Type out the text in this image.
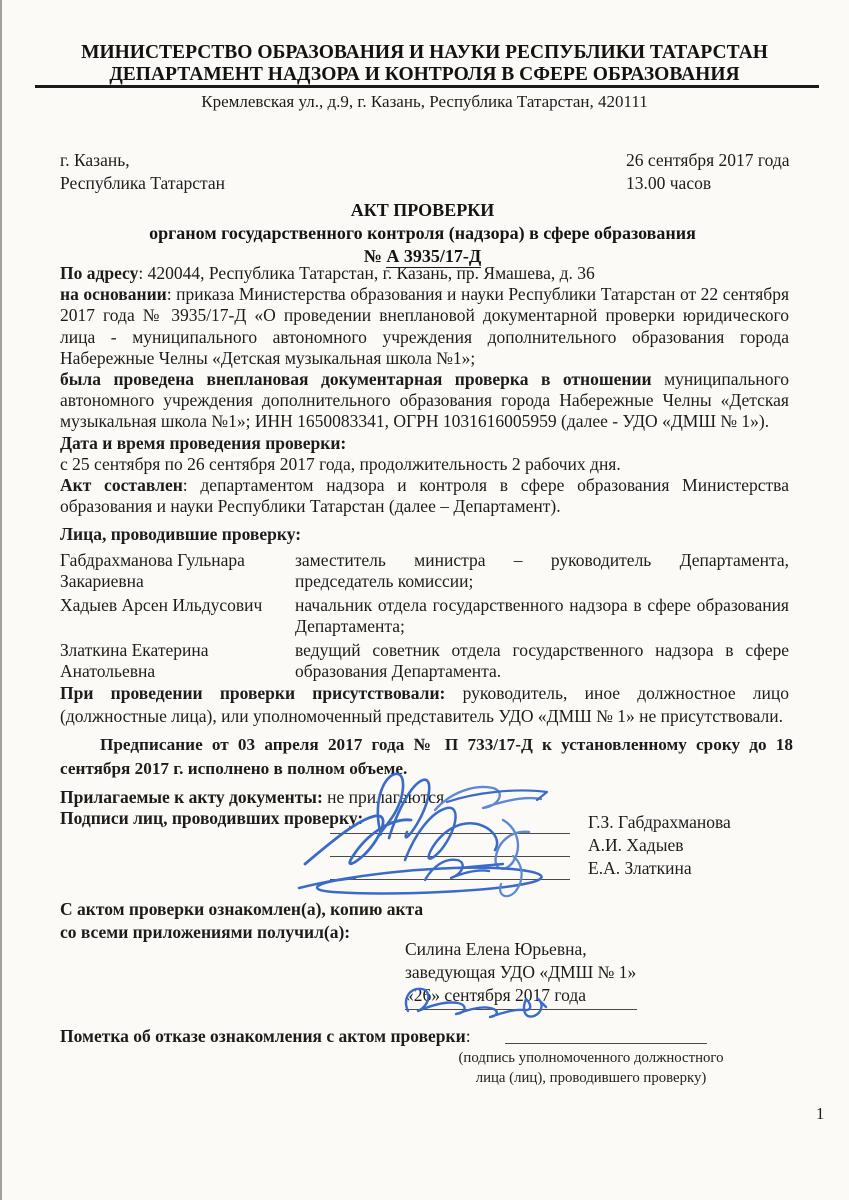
МИНИСТЕРСТВО ОБРАЗОВАНИЯ И НАУКИ РЕСПУБЛИКИ ТАТАРСТАН
ДЕПАРТАМЕНТ НАДЗОРА И КОНТРОЛЯ В СФЕРЕ ОБРАЗОВАНИЯ
Кремлевская ул., д.9, г. Казань, Республика Татарстан, 420111
г. Казань,
Республика Татарстан
26 сентября 2017 года
13.00 часов
АКТ ПРОВЕРКИ
органом государственного контроля (надзора) в сфере образования
№ А 3935/17-Д

По адресу: 420044, Республика Татарстан, г. Казань, пр. Ямашева, д. 36

на основании: приказа Министерства образования и науки Республики Татарстан от 22 сентября 2017 года № 3935/17-Д «О проведении внеплановой документарной проверки юридического лица - муниципального автономного учреждения дополнительного образования города Набережные Челны «Детская музыкальная школа №1»;

была проведена внеплановая документарная проверка в отношении муниципального автономного учреждения дополнительного образования города Набережные Челны «Детская музыкальная школа №1»; ИНН 1650083341, ОГРН 1031616005959 (далее - УДО «ДМШ № 1»).

Дата и время проведения проверки:

с 25 сентября по 26 сентября 2017 года, продолжительность 2 рабочих дня.

Акт составлен: департаментом надзора и контроля в сфере образования Министерства образования и науки Республики Татарстан (далее – Департамент).

Лица, проводившие проверку:
Габдрахманова Гульнара Закариевна
заместитель министра – руководитель Департамента, председатель комиссии;
Хадыев Арсен Ильдусович	начальник отдела государственного надзора в сфере образования Департамента;
Златкина Екатерина Анатольевна
ведущий советник отдела государственного надзора в сфере образования Департамента.

При проведении проверки присутствовали: руководитель, иное должностное лицо (должностные лица), или уполномоченный представитель УДО «ДМШ № 1» не присутствовали.

Предписание от 03 апреля 2017 года № П 733/17-Д к установленному сроку до 18 сентября 2017 г. исполнено в полном объеме.

Прилагаемые к акту документы: не прилагаются

Подписи лиц, проводивших проверку:	Г.З. Габдрахманова
А.И. Хадыев
Е.А. Златкина
С актом проверки ознакомлен(а), копию акта
со всеми приложениями получил(а):
Силина Елена Юрьевна,
заведующая УДО «ДМШ № 1»
«26» сентября 2017 года
Пометка об отказе ознакомления с актом проверки:
(подпись уполномоченного должностного
лица (лиц), проводившего проверку)
1
